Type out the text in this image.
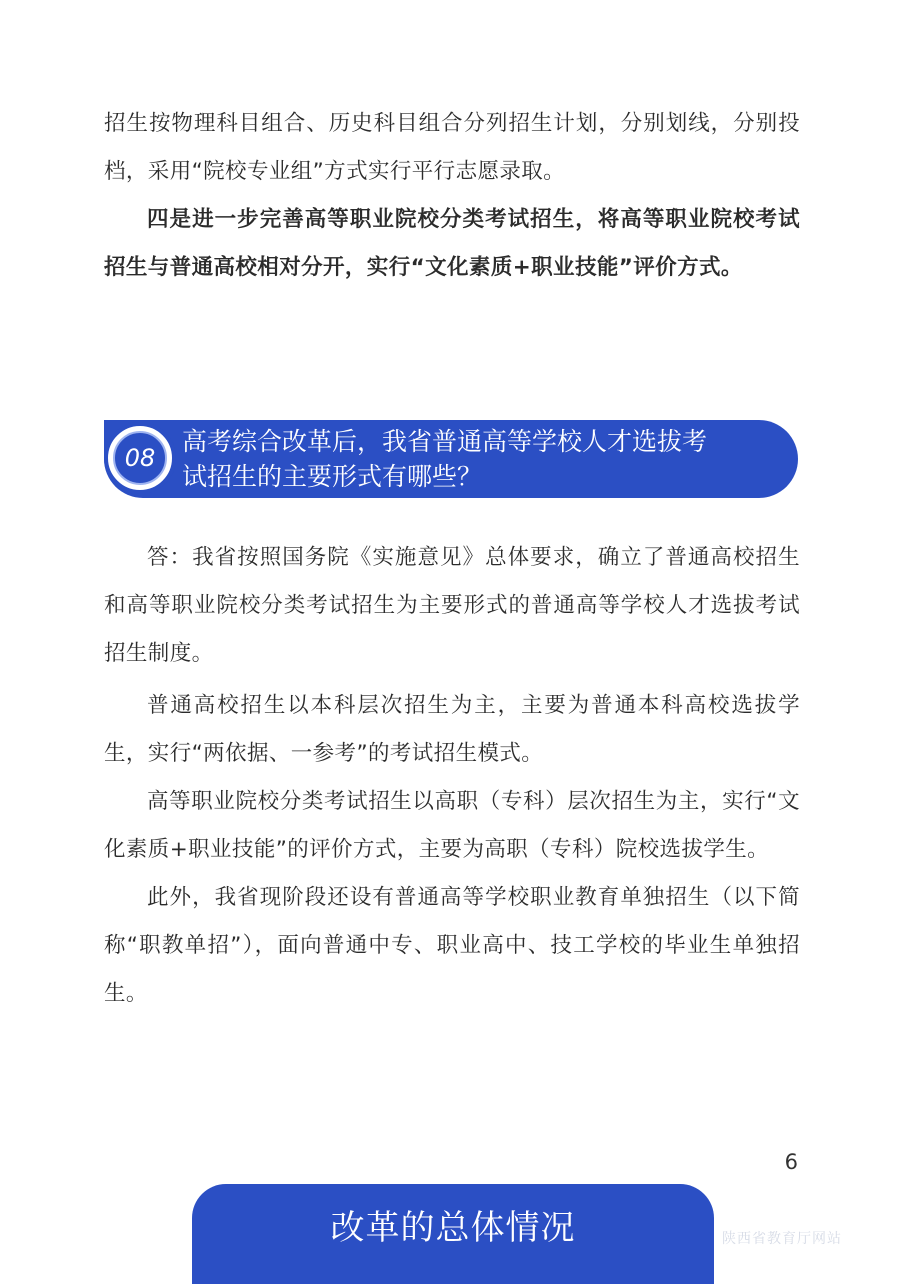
招生按物理科目组合、历史科目组合分列招生计划，分别划线，分别投档，采用“院校专业组”方式实行平行志愿录取。

四是进一步完善高等职业院校分类考试招生，将高等职业院校考试招生与普通高校相对分开，实行“文化素质+职业技能”评价方式。

08

高考综合改革后，我省普通高等学校人才选拔考
试招生的主要形式有哪些？

答：我省按照国务院《实施意见》总体要求，确立了普通高校招生和高等职业院校分类考试招生为主要形式的普通高等学校人才选拔考试招生制度。

普通高校招生以本科层次招生为主，主要为普通本科高校选拔学生，实行“两依据、一参考”的考试招生模式。

高等职业院校分类考试招生以高职（专科）层次招生为主，实行“文化素质+职业技能”的评价方式，主要为高职（专科）院校选拔学生。

此外，我省现阶段还设有普通高等学校职业教育单独招生（以下简称“职教单招”），面向普通中专、职业高中、技工学校的毕业生单独招生。

6

改革的总体情况	陕西省教育厅网站
